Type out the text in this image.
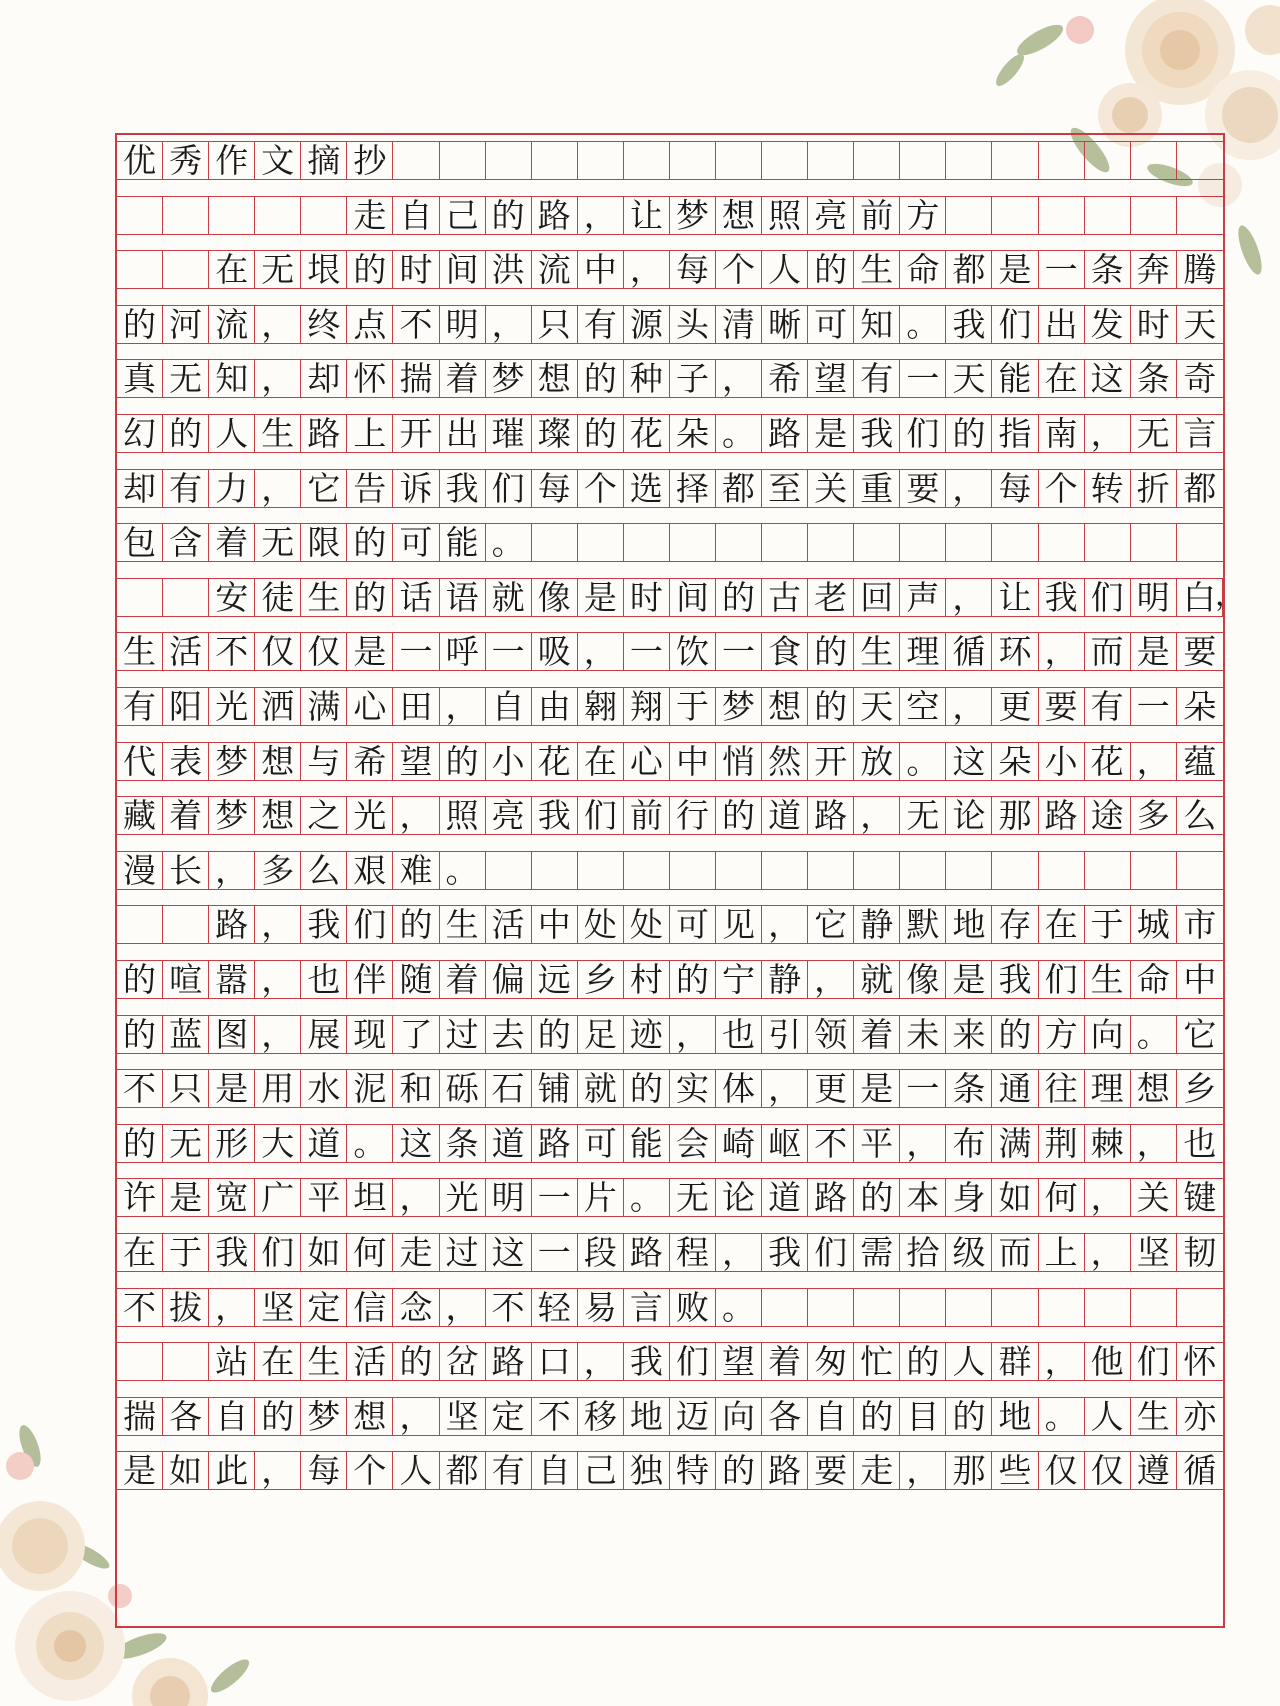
优 秀 作 文 摘 抄
走 自 己 的 路 ， 让 梦 想 照 亮 前 方
在 无 垠 的 时 间 洪 流 中 ， 每 个 人 的 生 命 都 是 一 条 奔 腾
的 河 流 ， 终 点 不 明 ， 只 有 源 头 清 晰 可 知 。 我 们 出 发 时 天
真 无 知 ， 却 怀 揣 着 梦 想 的 种 子 ， 希 望 有 一 天 能 在 这 条 奇
幻 的 人 生 路 上 开 出 璀 璨 的 花 朵 。 路 是 我 们 的 指 南 ， 无 言
却 有 力 ， 它 告 诉 我 们 每 个 选 择 都 至 关 重 要 ， 每 个 转 折 都
包 含 着 无 限 的 可 能 。
安 徒 生 的 话 语 就 像 是 时 间 的 古 老 回 声 ， 让 我 们 明 白 ，
生 活 不 仅 仅 是 一 呼 一 吸 ， 一 饮 一 食 的 生 理 循 环 ， 而 是 要
有 阳 光 洒 满 心 田 ， 自 由 翱 翔 于 梦 想 的 天 空 ， 更 要 有 一 朵
代 表 梦 想 与 希 望 的 小 花 在 心 中 悄 然 开 放 。 这 朵 小 花 ， 蕴
藏 着 梦 想 之 光 ， 照 亮 我 们 前 行 的 道 路 ， 无 论 那 路 途 多 么
漫 长 ， 多 么 艰 难 。
路 ， 我 们 的 生 活 中 处 处 可 见 ， 它 静 默 地 存 在 于 城 市
的 喧 嚣 ， 也 伴 随 着 偏 远 乡 村 的 宁 静 ， 就 像 是 我 们 生 命 中
的 蓝 图 ， 展 现 了 过 去 的 足 迹 ， 也 引 领 着 未 来 的 方 向 。 它
不 只 是 用 水 泥 和 砾 石 铺 就 的 实 体 ， 更 是 一 条 通 往 理 想 乡
的 无 形 大 道 。 这 条 道 路 可 能 会 崎 岖 不 平 ， 布 满 荆 棘 ， 也
许 是 宽 广 平 坦 ， 光 明 一 片 。 无 论 道 路 的 本 身 如 何 ， 关 键
在 于 我 们 如 何 走 过 这 一 段 路 程 ， 我 们 需 拾 级 而 上 ， 坚 韧
不 拔 ， 坚 定 信 念 ， 不 轻 易 言 败 。
站 在 生 活 的 岔 路 口 ， 我 们 望 着 匆 忙 的 人 群 ， 他 们 怀
揣 各 自 的 梦 想 ， 坚 定 不 移 地 迈 向 各 自 的 目 的 地 。 人 生 亦
是 如 此 ， 每 个 人 都 有 自 己 独 特 的 路 要 走 ， 那 些 仅 仅 遵 循
